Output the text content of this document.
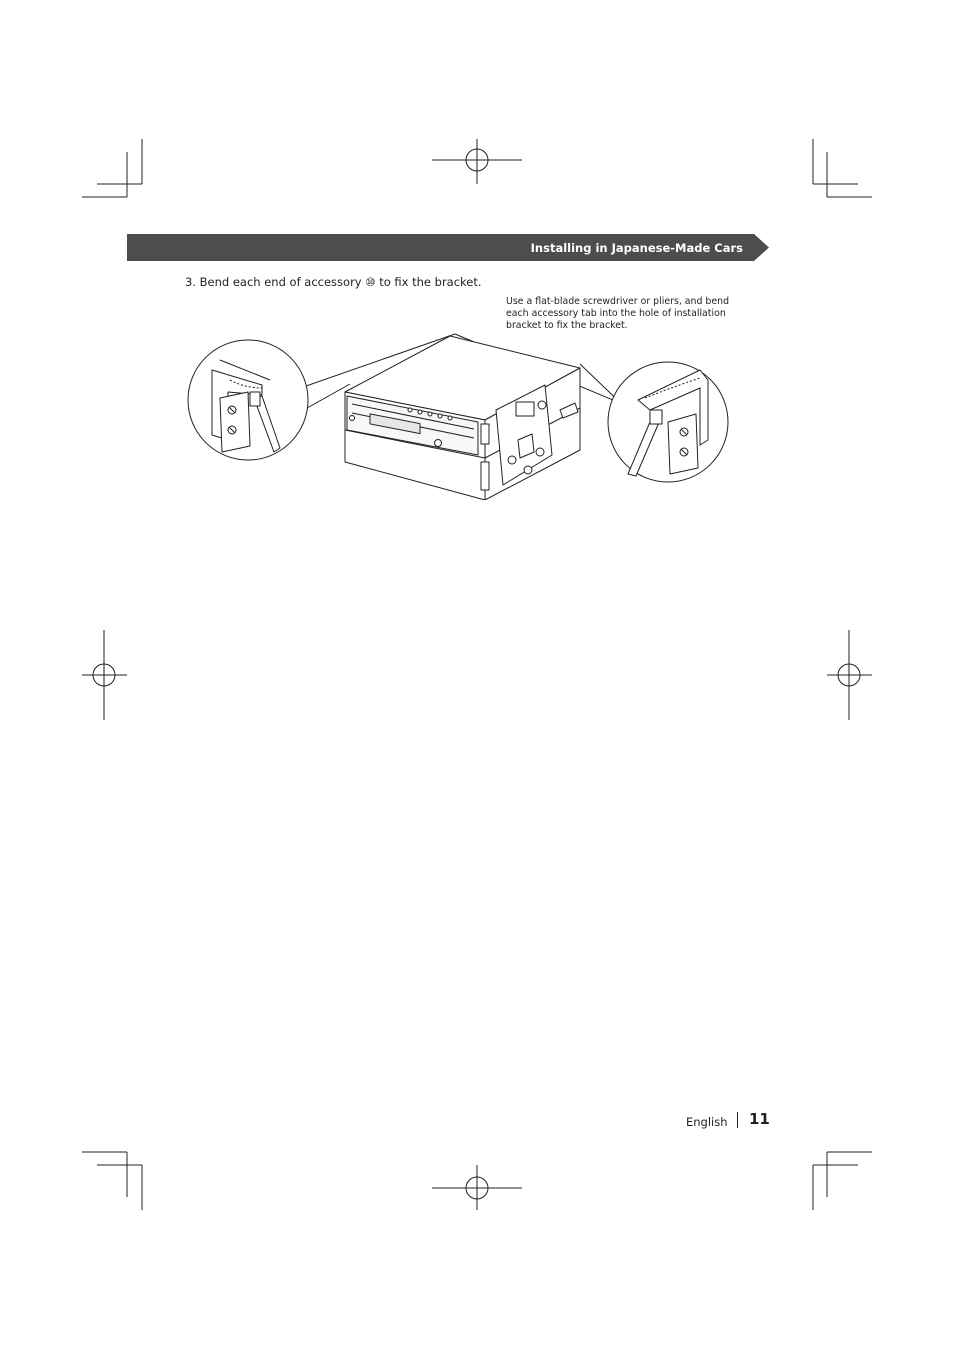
Installing in Japanese-Made Cars
3. Bend each end of accessory ⑩ to fix the bracket.
Use a flat-blade screwdriver or pliers, and bend each accessory tab into the hole of installation bracket to fix the bracket.
English 11
